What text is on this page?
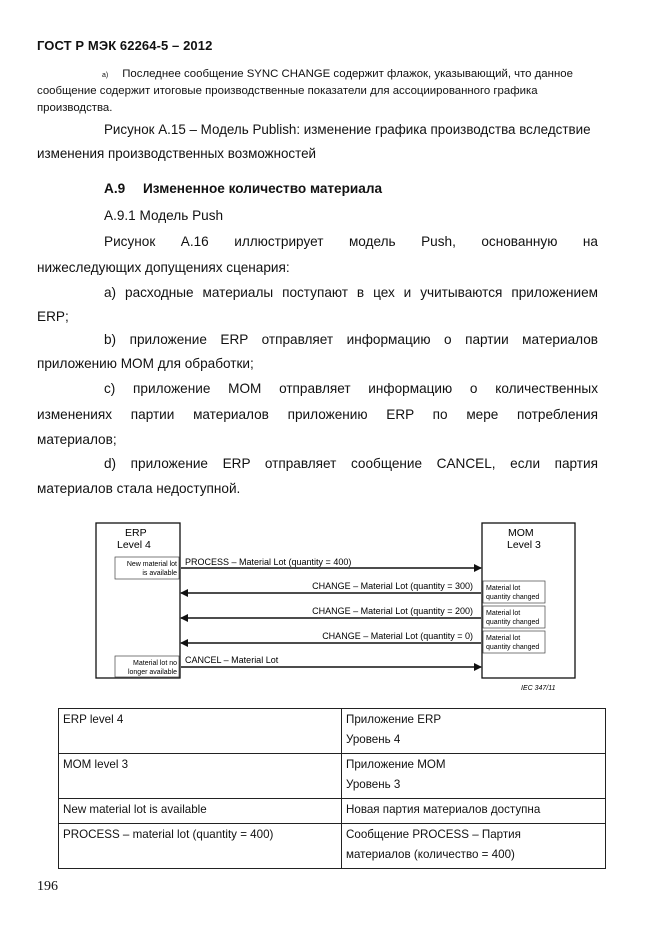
ГОСТ Р МЭК 62264-5 – 2012
$^{a)}$ Последнее сообщение SYNC CHANGE содержит флажок, указывающий, что данное сообщение содержит итоговые производственные показатели для ассоциированного графика производства.
Рисунок А.15 – Модель Publish: изменение графика производства вследствие
изменения производственных возможностей
A.9 Измененное количество материала
A.9.1 Модель Push
Рисунок A.16 иллюстрирует модель Push, основанную на
нижеследующих допущениях сценария:
а) расходные материалы поступают в цех и учитываются приложением
ERP;
b) приложение ERP отправляет информацию о партии материалов
приложению МОМ для обработки;
с) приложение МОМ отправляет информацию о количественных
изменениях партии материалов приложению ERP по мере потребления
материалов;
d) приложение ERP отправляет сообщение CANCEL, если партия
материалов стала недоступной.
ERP
Level 4
New material lot
is available
Material lot no
longer available
MOM
Level 3
Material lot
quantity changed
Material lot
quantity changed
Material lot
quantity changed
PROCESS – Material Lot (quantity = 400)
CHANGE – Material Lot (quantity = 300)
CHANGE – Material Lot (quantity = 200)
CHANGE – Material Lot (quantity = 0)
CANCEL – Material Lot
IEC 347/11
ERP level 4	Приложение ERP
Уровень 4

MOM level 3	Приложение МОМ
Уровень 3

New material lot is available	Новая партия материалов доступна
PROCESS – material lot (quantity = 400)	Сообщение PROCESS – Партия
материалов (количество = 400)
196
